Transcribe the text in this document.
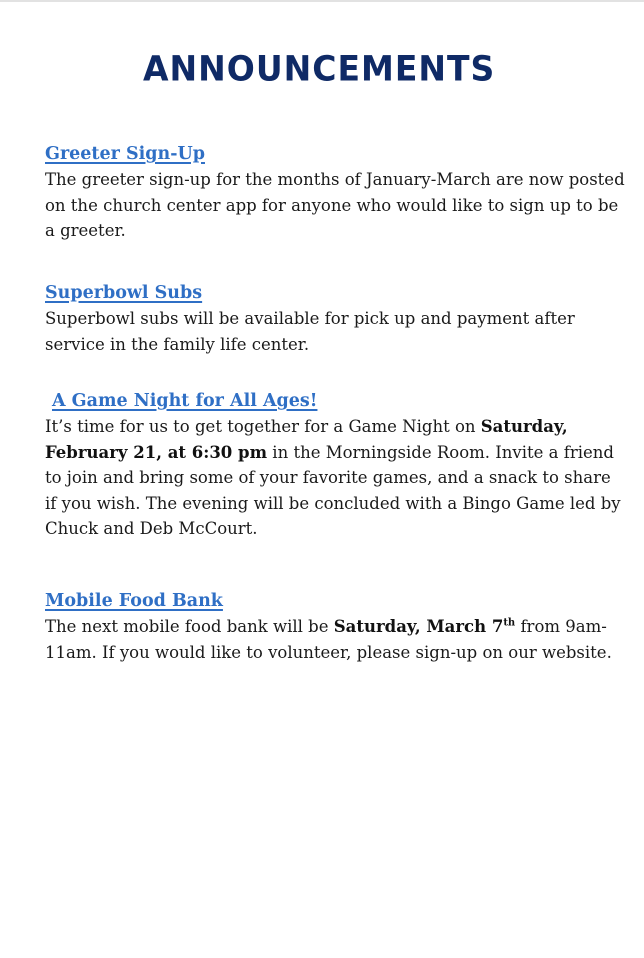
ANNOUNCEMENTS
Greeter Sign-Up

The greeter sign-up for the months of January-March are now posted on the church center app for anyone who would like to sign up to be a greeter.

Superbowl Subs

Superbowl subs will be available for pick up and payment after service in the family life center.

A Game Night for All Ages!

It’s time for us to get together for a Game Night on Saturday, February 21, at 6:30 pm in the Morningside Room. Invite a friend to join and bring some of your favorite games, and a snack to share if you wish. The evening will be concluded with a Bingo Game led by Chuck and Deb McCourt.

Mobile Food Bank

The next mobile food bank will be Saturday, March 7th from 9am-11am. If you would like to volunteer, please sign-up on our website.
